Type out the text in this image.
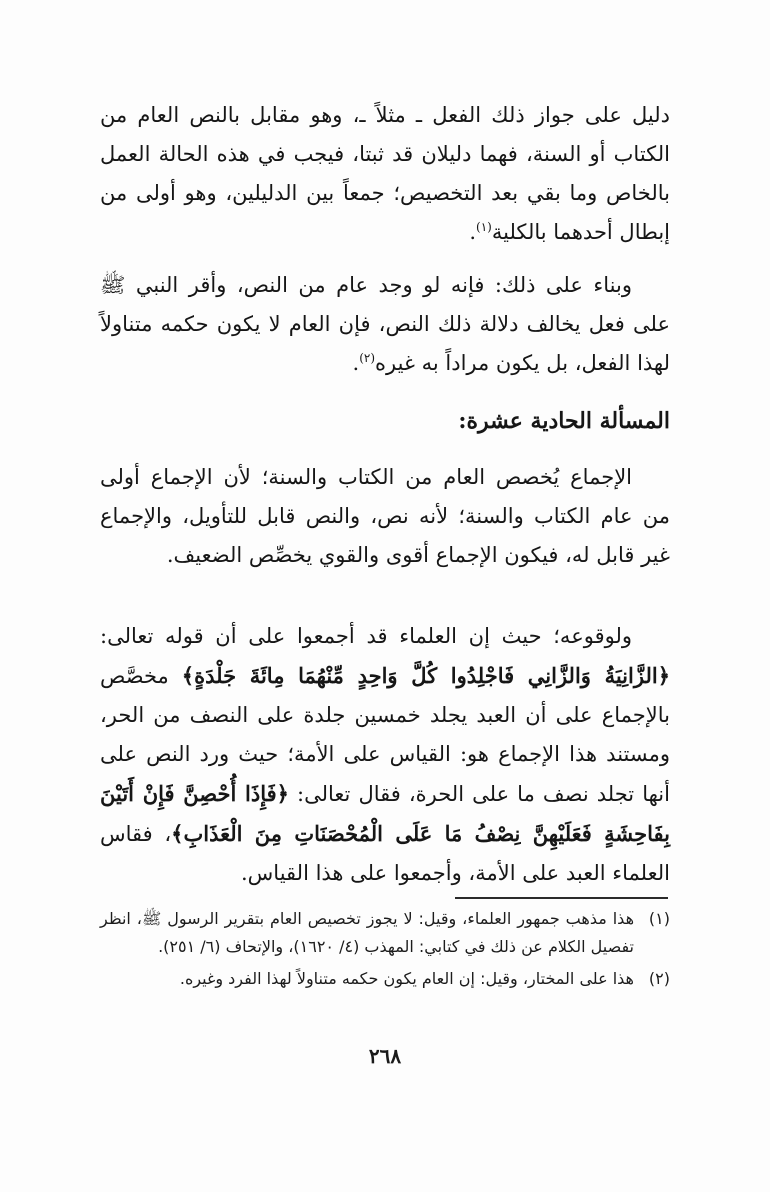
دليل على جواز ذلك الفعل ـ مثلاً ـ، وهو مقابل بالنص العام من الكتاب أو السنة، فهما دليلان قد ثبتا، فيجب في هذه الحالة العمل بالخاص وما بقي بعد التخصيص؛ جمعاً بين الدليلين، وهو أولى من إبطال أحدهما بالكلية$^{(١)}$.

وبناء على ذلك: فإنه لو وجد عام من النص، وأقر النبي ﷺ على فعل يخالف دلالة ذلك النص، فإن العام لا يكون حكمه متناولاً لهذا الفعل، بل يكون مراداً به غيره$^{(٢)}$.

المسألة الحادية عشرة:

الإجماع يُخصص العام من الكتاب والسنة؛ لأن الإجماع أولى من عام الكتاب والسنة؛ لأنه نص، والنص قابل للتأويل، والإجماع غير قابل له، فيكون الإجماع أقوى والقوي يخصِّص الضعيف.

ولوقوعه؛ حيث إن العلماء قد أجمعوا على أن قوله تعالى: ﴿الزَّانِيَةُ وَالزَّانِي فَاجْلِدُوا كُلَّ وَاحِدٍ مِّنْهُمَا مِائَةَ جَلْدَةٍ﴾ مخصَّص بالإجماع على أن العبد يجلد خمسين جلدة على النصف من الحر، ومستند هذا الإجماع هو: القياس على الأمة؛ حيث ورد النص على أنها تجلد نصف ما على الحرة، فقال تعالى: ﴿فَإِذَا أُحْصِنَّ فَإِنْ أَتَيْنَ بِفَاحِشَةٍ فَعَلَيْهِنَّ نِصْفُ مَا عَلَى الْمُحْصَنَاتِ مِنَ الْعَذَابِ﴾، فقاس العلماء العبد على الأمة، وأجمعوا على هذا القياس.

(١)
هذا مذهب جمهور العلماء، وقيل: لا يجوز تخصيص العام بتقرير الرسول ﷺ، انظر تفصيل الكلام عن ذلك في كتابي: المهذب (٤/ ١٦٢٠)، والإتحاف (٦/ ٢٥١).

(٢)
هذا على المختار، وقيل: إن العام يكون حكمه متناولاً لهذا الفرد وغيره.

٢٦٨
